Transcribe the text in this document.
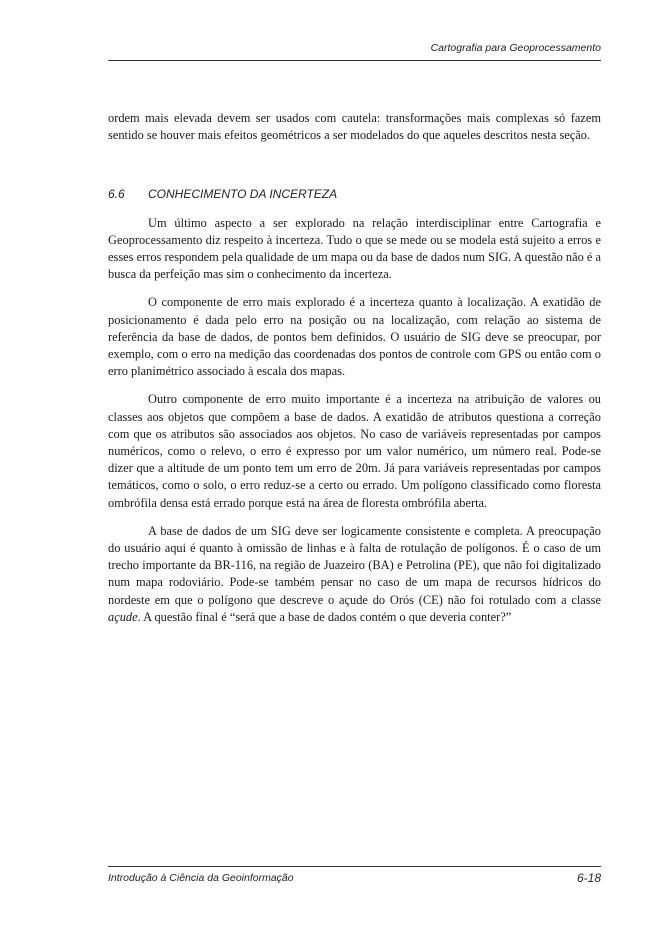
Cartografia para Geoprocessamento

ordem mais elevada devem ser usados com cautela: transformações mais complexas só fazem sentido se houver mais efeitos geométricos a ser modelados do que aqueles descritos nesta seção.

6.6	CONHECIMENTO DA INCERTEZA

Um último aspecto a ser explorado na relação interdisciplinar entre Cartografia e Geoprocessamento diz respeito à incerteza. Tudo o que se mede ou se modela está sujeito a erros e esses erros respondem pela qualidade de um mapa ou da base de dados num SIG. A questão não é a busca da perfeição mas sim o conhecimento da incerteza.

O componente de erro mais explorado é a incerteza quanto à localização. A exatidão de posicionamento é dada pelo erro na posição ou na localização, com relação ao sistema de referência da base de dados, de pontos bem definidos. O usuário de SIG deve se preocupar, por exemplo, com o erro na medição das coordenadas dos pontos de controle com GPS ou então com o erro planimétrico associado à escala dos mapas.

Outro componente de erro muito importante é a incerteza na atribuição de valores ou classes aos objetos que compõem a base de dados. A exatidão de atributos questiona a correção com que os atributos são associados aos objetos. No caso de variáveis representadas por campos numéricos, como o relevo, o erro é expresso por um valor numérico, um número real. Pode-se dizer que a altitude de um ponto tem um erro de 20m. Já para variáveis representadas por campos temáticos, como o solo, o erro reduz-se a certo ou errado. Um polígono classificado como floresta ombrófila densa está errado porque está na área de floresta ombrófila aberta.

A base de dados de um SIG deve ser logicamente consistente e completa. A preocupação do usuário aqui é quanto à omissão de linhas e à falta de rotulação de polígonos. É o caso de um trecho importante da BR-116, na região de Juazeiro (BA) e Petrolina (PE), que não foi digitalizado num mapa rodoviário. Pode-se também pensar no caso de um mapa de recursos hídricos do nordeste em que o polígono que descreve o açude do Orós (CE) não foi rotulado com a classe açude. A questão final é “será que a base de dados contém o que deveria conter?”

Introdução à Ciência da Geoinformação	6-18
